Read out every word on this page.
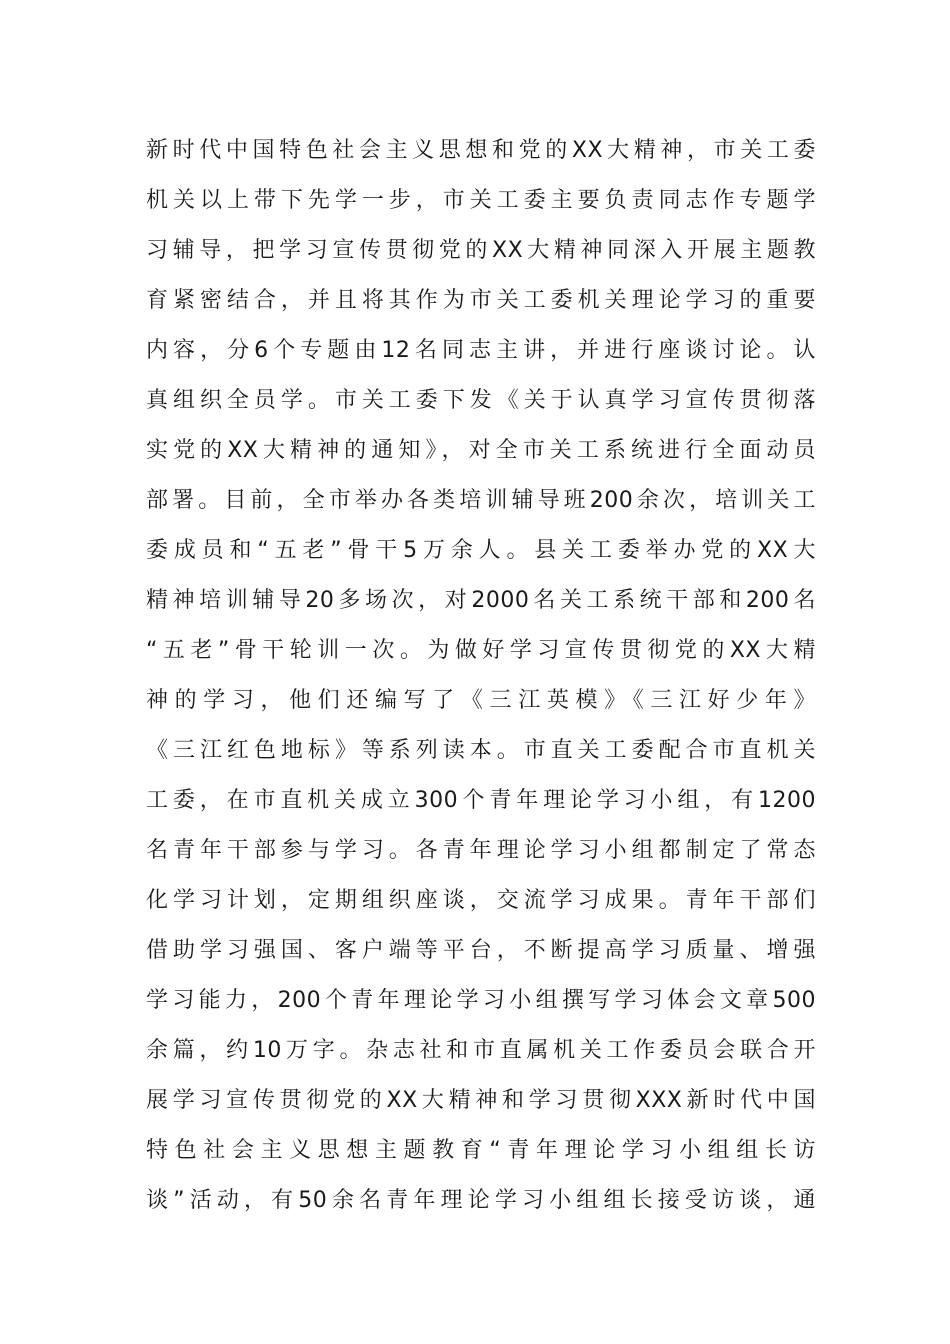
新时代中国特色社会主义思想和党的XX大精神，市关工委
机关以上带下先学一步，市关工委主要负责同志作专题学
习辅导，把学习宣传贯彻党的XX大精神同深入开展主题教
育紧密结合，并且将其作为市关工委机关理论学习的重要
内容，分6个专题由12名同志主讲，并进行座谈讨论。认
真组织全员学。市关工委下发《关于认真学习宣传贯彻落
实党的XX大精神的通知》，对全市关工系统进行全面动员
部署。目前，全市举办各类培训辅导班200余次，培训关工
委成员和“五老”骨干5万余人。县关工委举办党的XX大
精神培训辅导20多场次，对2000名关工系统干部和200名
“五老”骨干轮训一次。为做好学习宣传贯彻党的XX大精
神的学习，他们还编写了《三江英模》《三江好少年》
《三江红色地标》等系列读本。市直关工委配合市直机关
工委，在市直机关成立300个青年理论学习小组，有1200
名青年干部参与学习。各青年理论学习小组都制定了常态
化学习计划，定期组织座谈，交流学习成果。青年干部们
借助学习强国、客户端等平台，不断提高学习质量、增强
学习能力，200个青年理论学习小组撰写学习体会文章500
余篇，约10万字。杂志社和市直属机关工作委员会联合开
展学习宣传贯彻党的XX大精神和学习贯彻XXX新时代中国
特色社会主义思想主题教育“青年理论学习小组组长访
谈”活动，有50余名青年理论学习小组组长接受访谈，通
